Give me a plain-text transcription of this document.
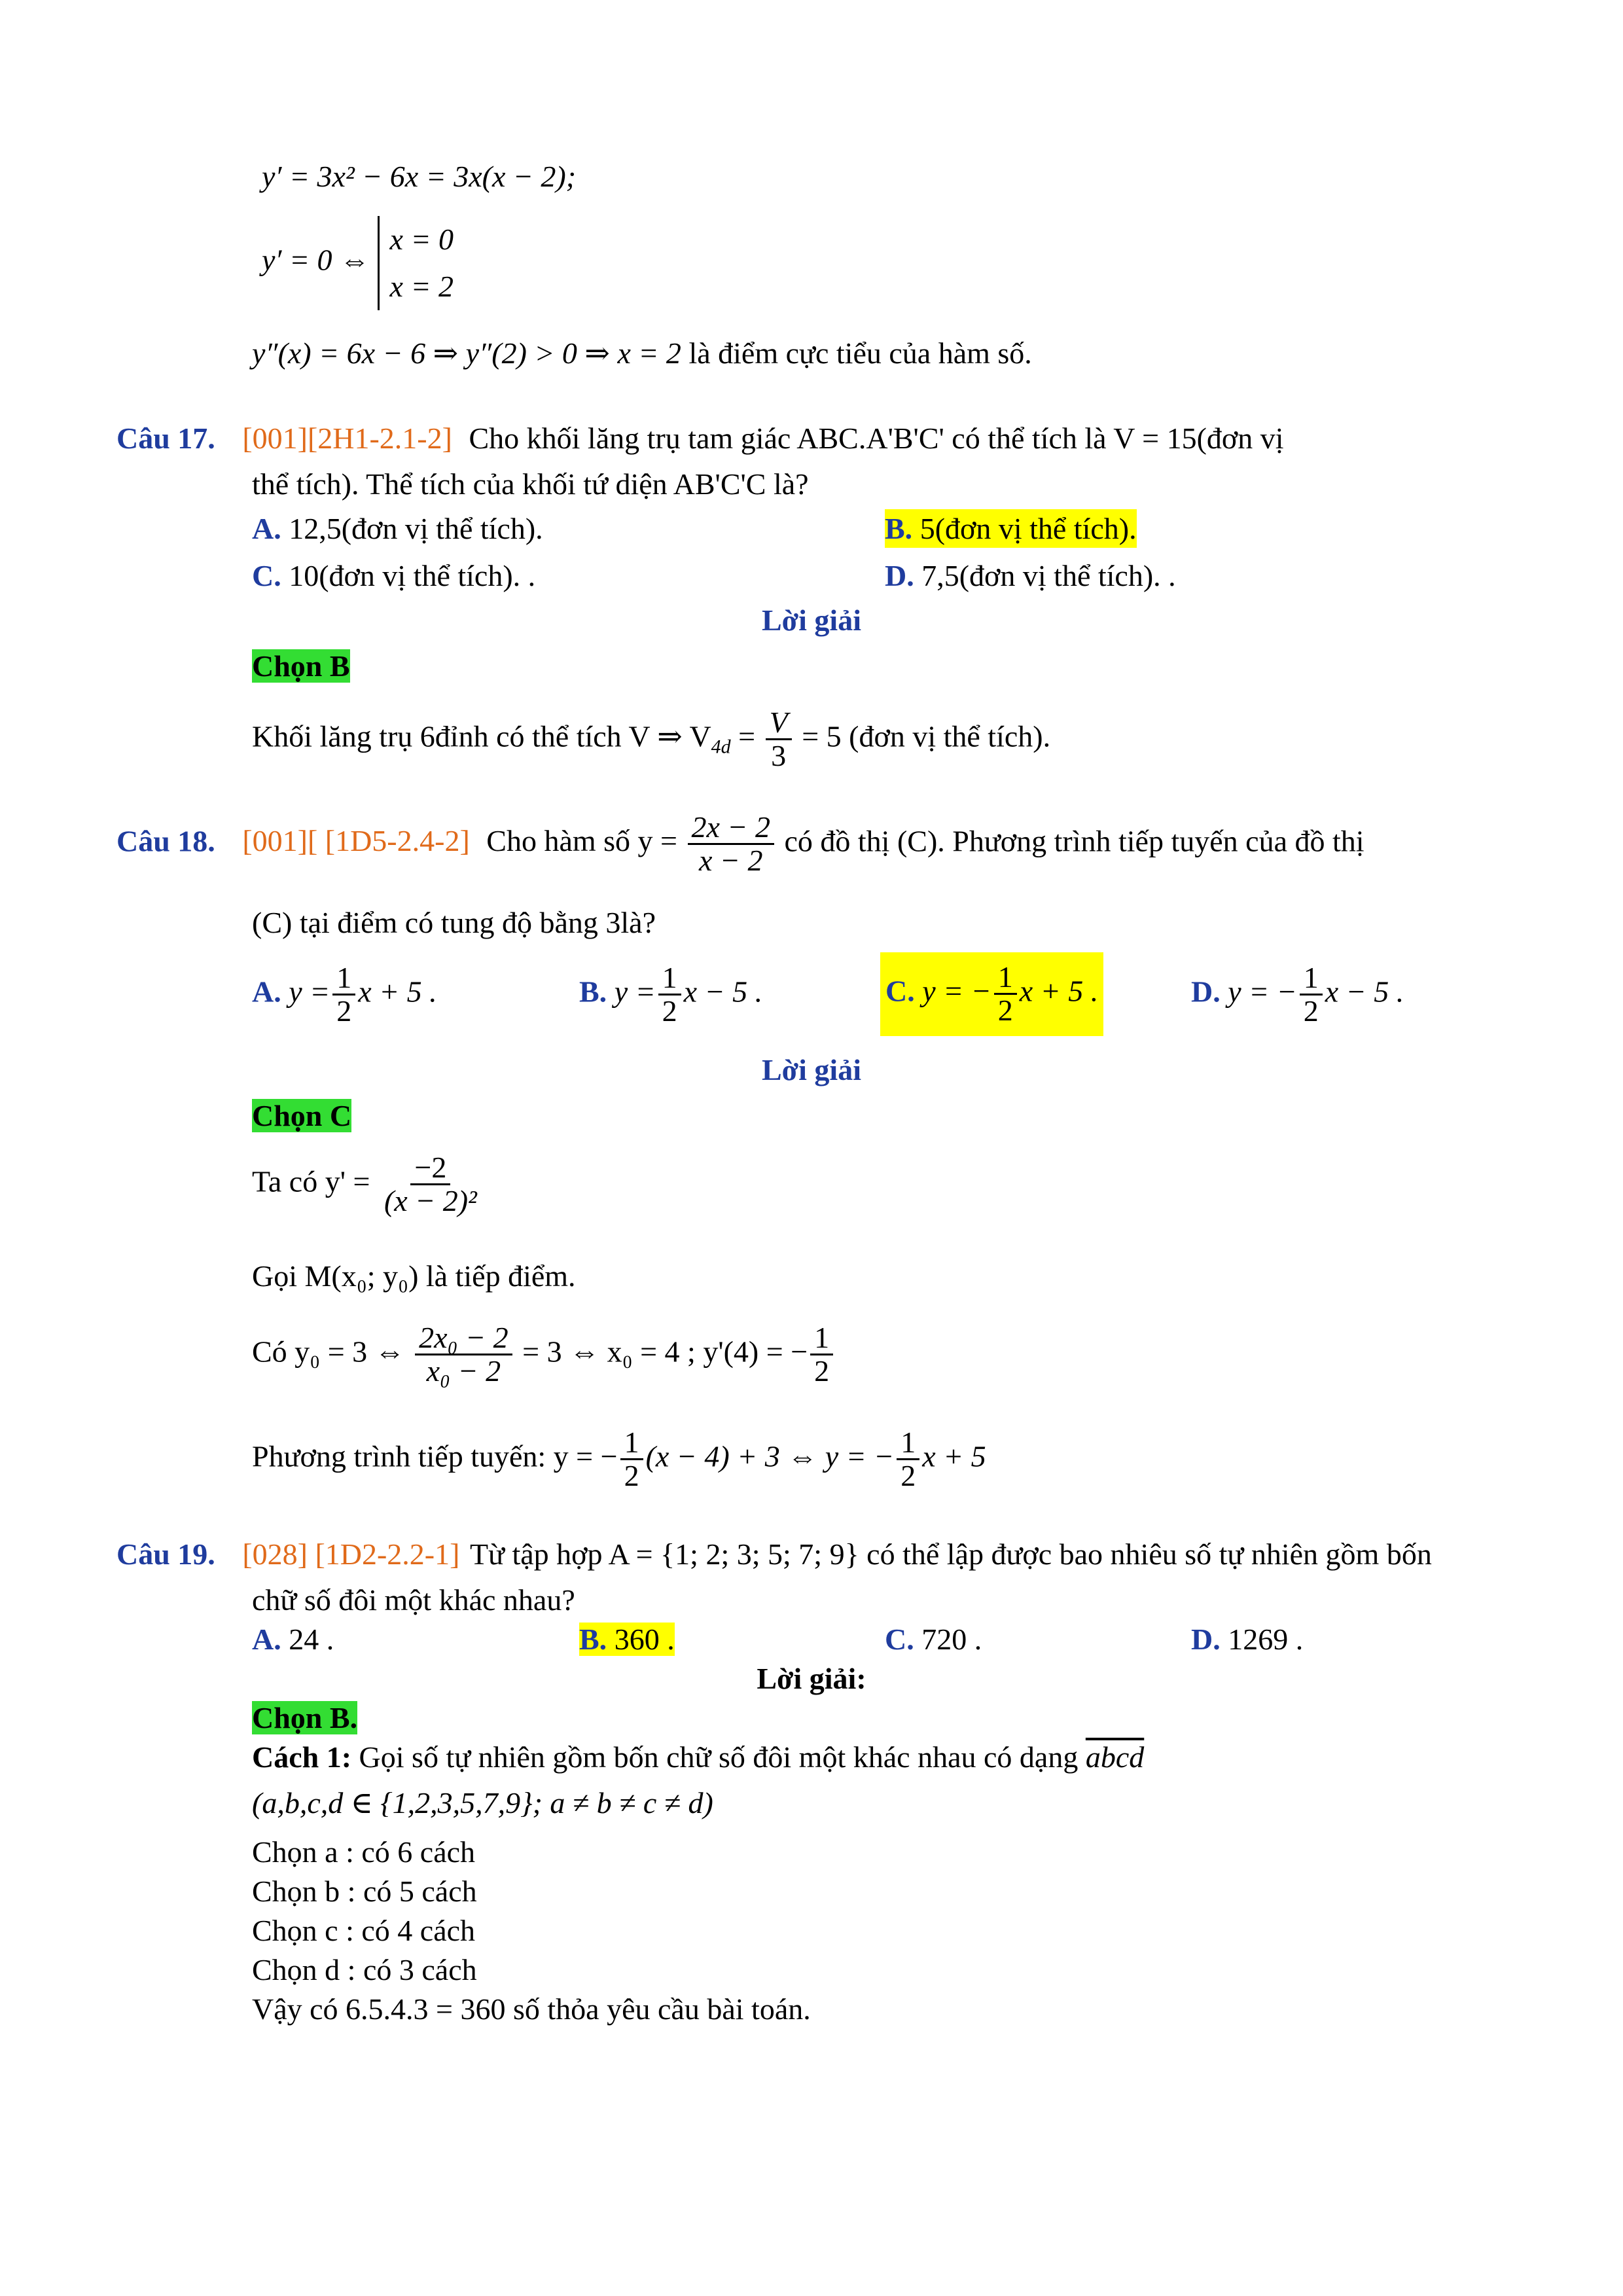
y′ = 3x² − 6x = 3x(x − 2);
y′ = 0 ⇔
x = 0
x = 2
y″(x) = 6x − 6 ⇒ y″(2) > 0 ⇒ x = 2 là điểm cực tiểu của hàm số.
Câu 17. [001][2H1-2.1-2] Cho khối lăng trụ tam giác ABC.A'B'C' có thể tích là V = 15(đơn vị
thể tích). Thể tích của khối tứ diện AB'C'C là?
A. 12,5(đơn vị thể tích).	B. 5(đơn vị thể tích).
C. 10(đơn vị thể tích). .	D. 7,5(đơn vị thể tích). .
Lời giải
Chọn B
Khối lăng trụ 6đỉnh có thể tích V ⇒ $V_{4d} = \frac{V}{3} = 5$ (đơn vị thể tích).
Câu 18. [001][ [1D5-2.4-2] Cho hàm số $y = \frac{2x - 2}{x - 2}$ có đồ thị (C). Phương trình tiếp tuyến của đồ thị
(C) tại điểm có tung độ bằng 3là?
A. $y = \frac{1}{2}$ x + 5 .	B. $y = \frac{1}{2}$ x − 5 .	C. y = − $\frac{1}{2}$ x + 5 .	D. y = − $\frac{1}{2}$ x − 5 .
Lời giải
Chọn C
Ta có $y' = \frac{-2}{\text{(x − 2)²}}$
Gọi M(x₀; y₀) là tiếp điểm.
Có y₀ = 3 ⇔ $\frac{\text{2x₀ − 2}}{\text{x₀ − 2}} = 3$ ⇔ x₀ = 4 ; y'(4) = − $\frac{1}{2}$
Phương trình tiếp tuyến: y = − $\frac{1}{2} (x - 4) + 3$ ⇔ y = − $\frac{1}{2}$ x + 5
Câu 19. [028] [1D2-2.2-1] Từ tập hợp A = {1; 2; 3; 5; 7; 9} có thể lập được bao nhiêu số tự nhiên gồm bốn
chữ số đôi một khác nhau?
A. 24 .	B. 360 .	C. 720 .	D. 1269 .
Lời giải:
Chọn B.
Cách 1: Gọi số tự nhiên gồm bốn chữ số đôi một khác nhau có dạng abcd
(a,b,c,d ∈ {1,2,3,5,7,9}; a ≠ b ≠ c ≠ d)
Chọn a : có 6 cách
Chọn b : có 5 cách
Chọn c : có 4 cách
Chọn d : có 3 cách
Vậy có 6.5.4.3 = 360 số thỏa yêu cầu bài toán.
